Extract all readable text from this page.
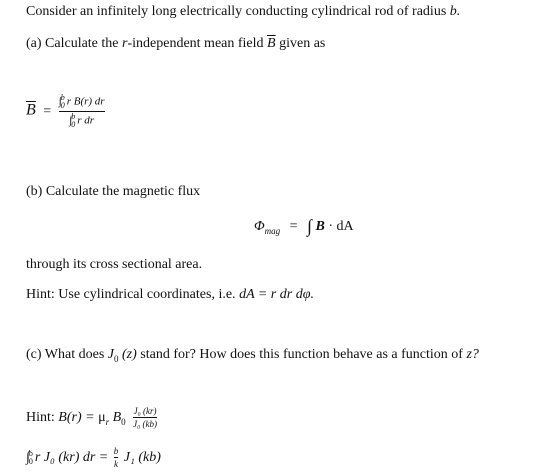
Consider an infinitely long electrically conducting cylindrical rod of radius b.
(a) Calculate the r-independent mean field $\overline{B}$ given as
$\overline{B}$ = ∫ b
0 r B(r) dr
∫ b
0 r dr
(b) Calculate the magnetic flux
$\Phi_{mag}$ = ∫ B · dA
through its cross sectional area.
Hint: Use cylindrical coordinates, i.e. dA = r dr dφ.
(c) What does $J_0$ (z) stand for? How does this function behave as a function of z?
Hint: $B(r) = \mu_r$ $B_0 \frac{\text{J₀ (kr)}}{\text{J₀ (kb)}}$
∫ b
0 r J₀ (kr) dr = $\frac{b}{k} J_1$ (kb)
